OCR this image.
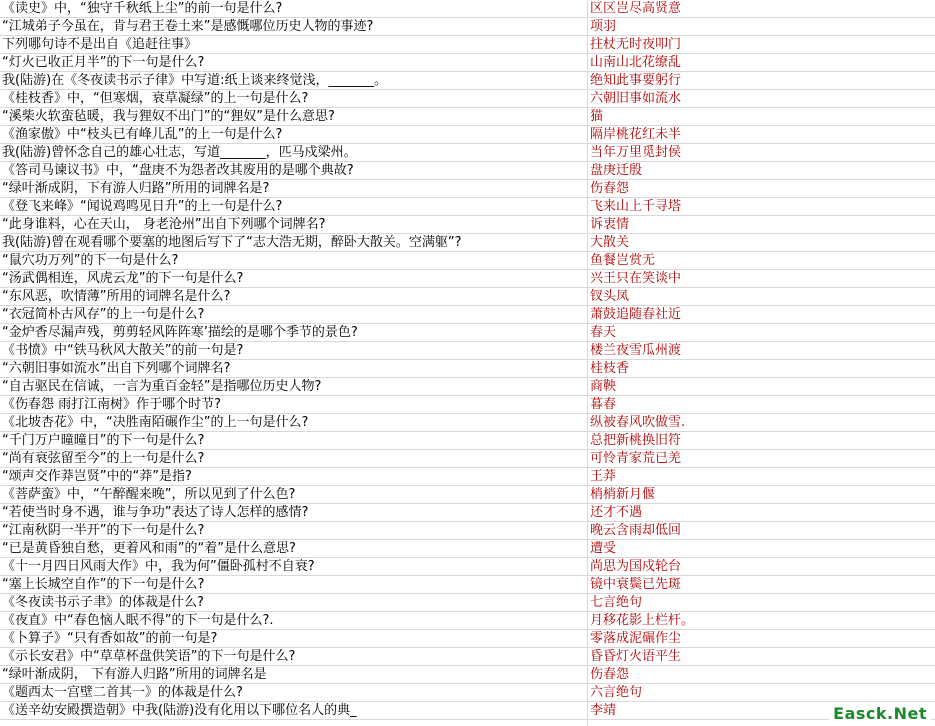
《读史》中，“独守千秋纸上尘”的前一句是什么?	区区岂尽高贤意
“江城弟子今虽在，肯与君王卷土来”是感慨哪位历史人物的事迹?	项羽
下列哪句诗不是出自《追赶往事》	拄杖无时夜叩门
“灯火已收正月半”的下一句是什么?	山南山北花缭乱
我(陆游)在《冬夜读书示子律》中写道:纸上谈来终觉浅，_______。	绝知此事要躬行
《桂枝香》中，“但寒烟，衰草凝绿”的上一句是什么?	六朝旧事如流水
“溪柴火软蛮毡暖，我与狸奴不出门”的“狸奴”是什么意思?	猫
《渔家傲》中“枝头已有峰儿乱”的上一句是什么?	隔岸桃花红未半
我(陆游)曾怀念自己的雄心壮志，写道_______，匹马戍梁州。	当年万里觅封侯
《答司马谏议书》中，“盘庚不为怨者改其废用的是哪个典故?	盘庚迁殷
“绿叶渐成阴，下有游人归路”所用的词牌名是?	伤春怨
《登飞来峰》“闻说鸡鸣见日升”的上一句是什么?	飞来山上千寻塔
“此身谁料，心在天山， 身老沧州”出自下列哪个词牌名?	诉衷情
我(陆游)曾在观看哪个要塞的地图后写下了“志大浩无期，醉卧大散关。空满躯”?	大散关
“鼠穴功万列”的下一句是什么?	鱼餐岂赏无
“汤武偶相连，风虎云龙”的下一句是什么?	兴王只在笑谈中
“东风恶，吹情薄”所用的词牌名是什么?	钗头凤
“衣冠简朴古风存”的上一句是什么?	萧鼓追随春社近
“金炉香尽漏声残，剪剪轻风阵阵寒’描绘的是哪个季节的景色?	春天
《书愤》中“铁马秋风大散关”的前一句是?	楼兰夜雪瓜州渡
“六朝旧事如流水”出自下列哪个词牌名?	桂枝香
“自古驱民在信诚，一言为重百金轻”是指哪位历史人物?	商鞅
《伤春怨 雨打江南树》作于哪个时节?	暮春
《北坡杏花》中，“决胜南陌碾作尘”的上一句是什么?	纵被春风吹做雪.
“千门万户曈曈日”的下一句是什么?	总把新桃换旧符
“尚有衰弦留至今”的上一句是什么?	可怜青家荒已羌
“颂声交作莽岂贤”中的“莽”是指?	王莽
《菩萨蛮》中，“午醉醒来晚”，所以见到了什么色?	梢梢新月偃
“若使当时身不遇，谁与争功”表达了诗人怎样的感情?	还才不遇
“江南秋阴一半开”的下一句是什么?	晚云含雨却低回
“已是黄昏独自愁，更着风和雨”的“着”是什么意思?	遭受
《十一月四日风雨大作》中，我为何”僵卧孤村不自衰?	尚思为国戍轮台
“塞上长城空自作”的下一句是什么?	镜中衰鬓已先斑
《冬夜读书示子聿》的体裁是什么?	七言绝句
《夜直》中“春色恼人眠不得”的下一句是什么?.	月移花影上栏杆。
《卜算子》“只有香如故”的前一句是?	零落成泥碾作尘
《示长安君》中“草草杯盘供笑语”的下一句是什么?	昏昏灯火语平生
“绿叶渐成阴， 下有游人归路”所用的词牌名是	伤春怨
《题西太一宫壁二首其一》的体裁是什么?	六言绝句
《送辛幼安殿撰造朝》中我(陆游)没有化用以下哪位名人的典_	李靖	Easck.Net
